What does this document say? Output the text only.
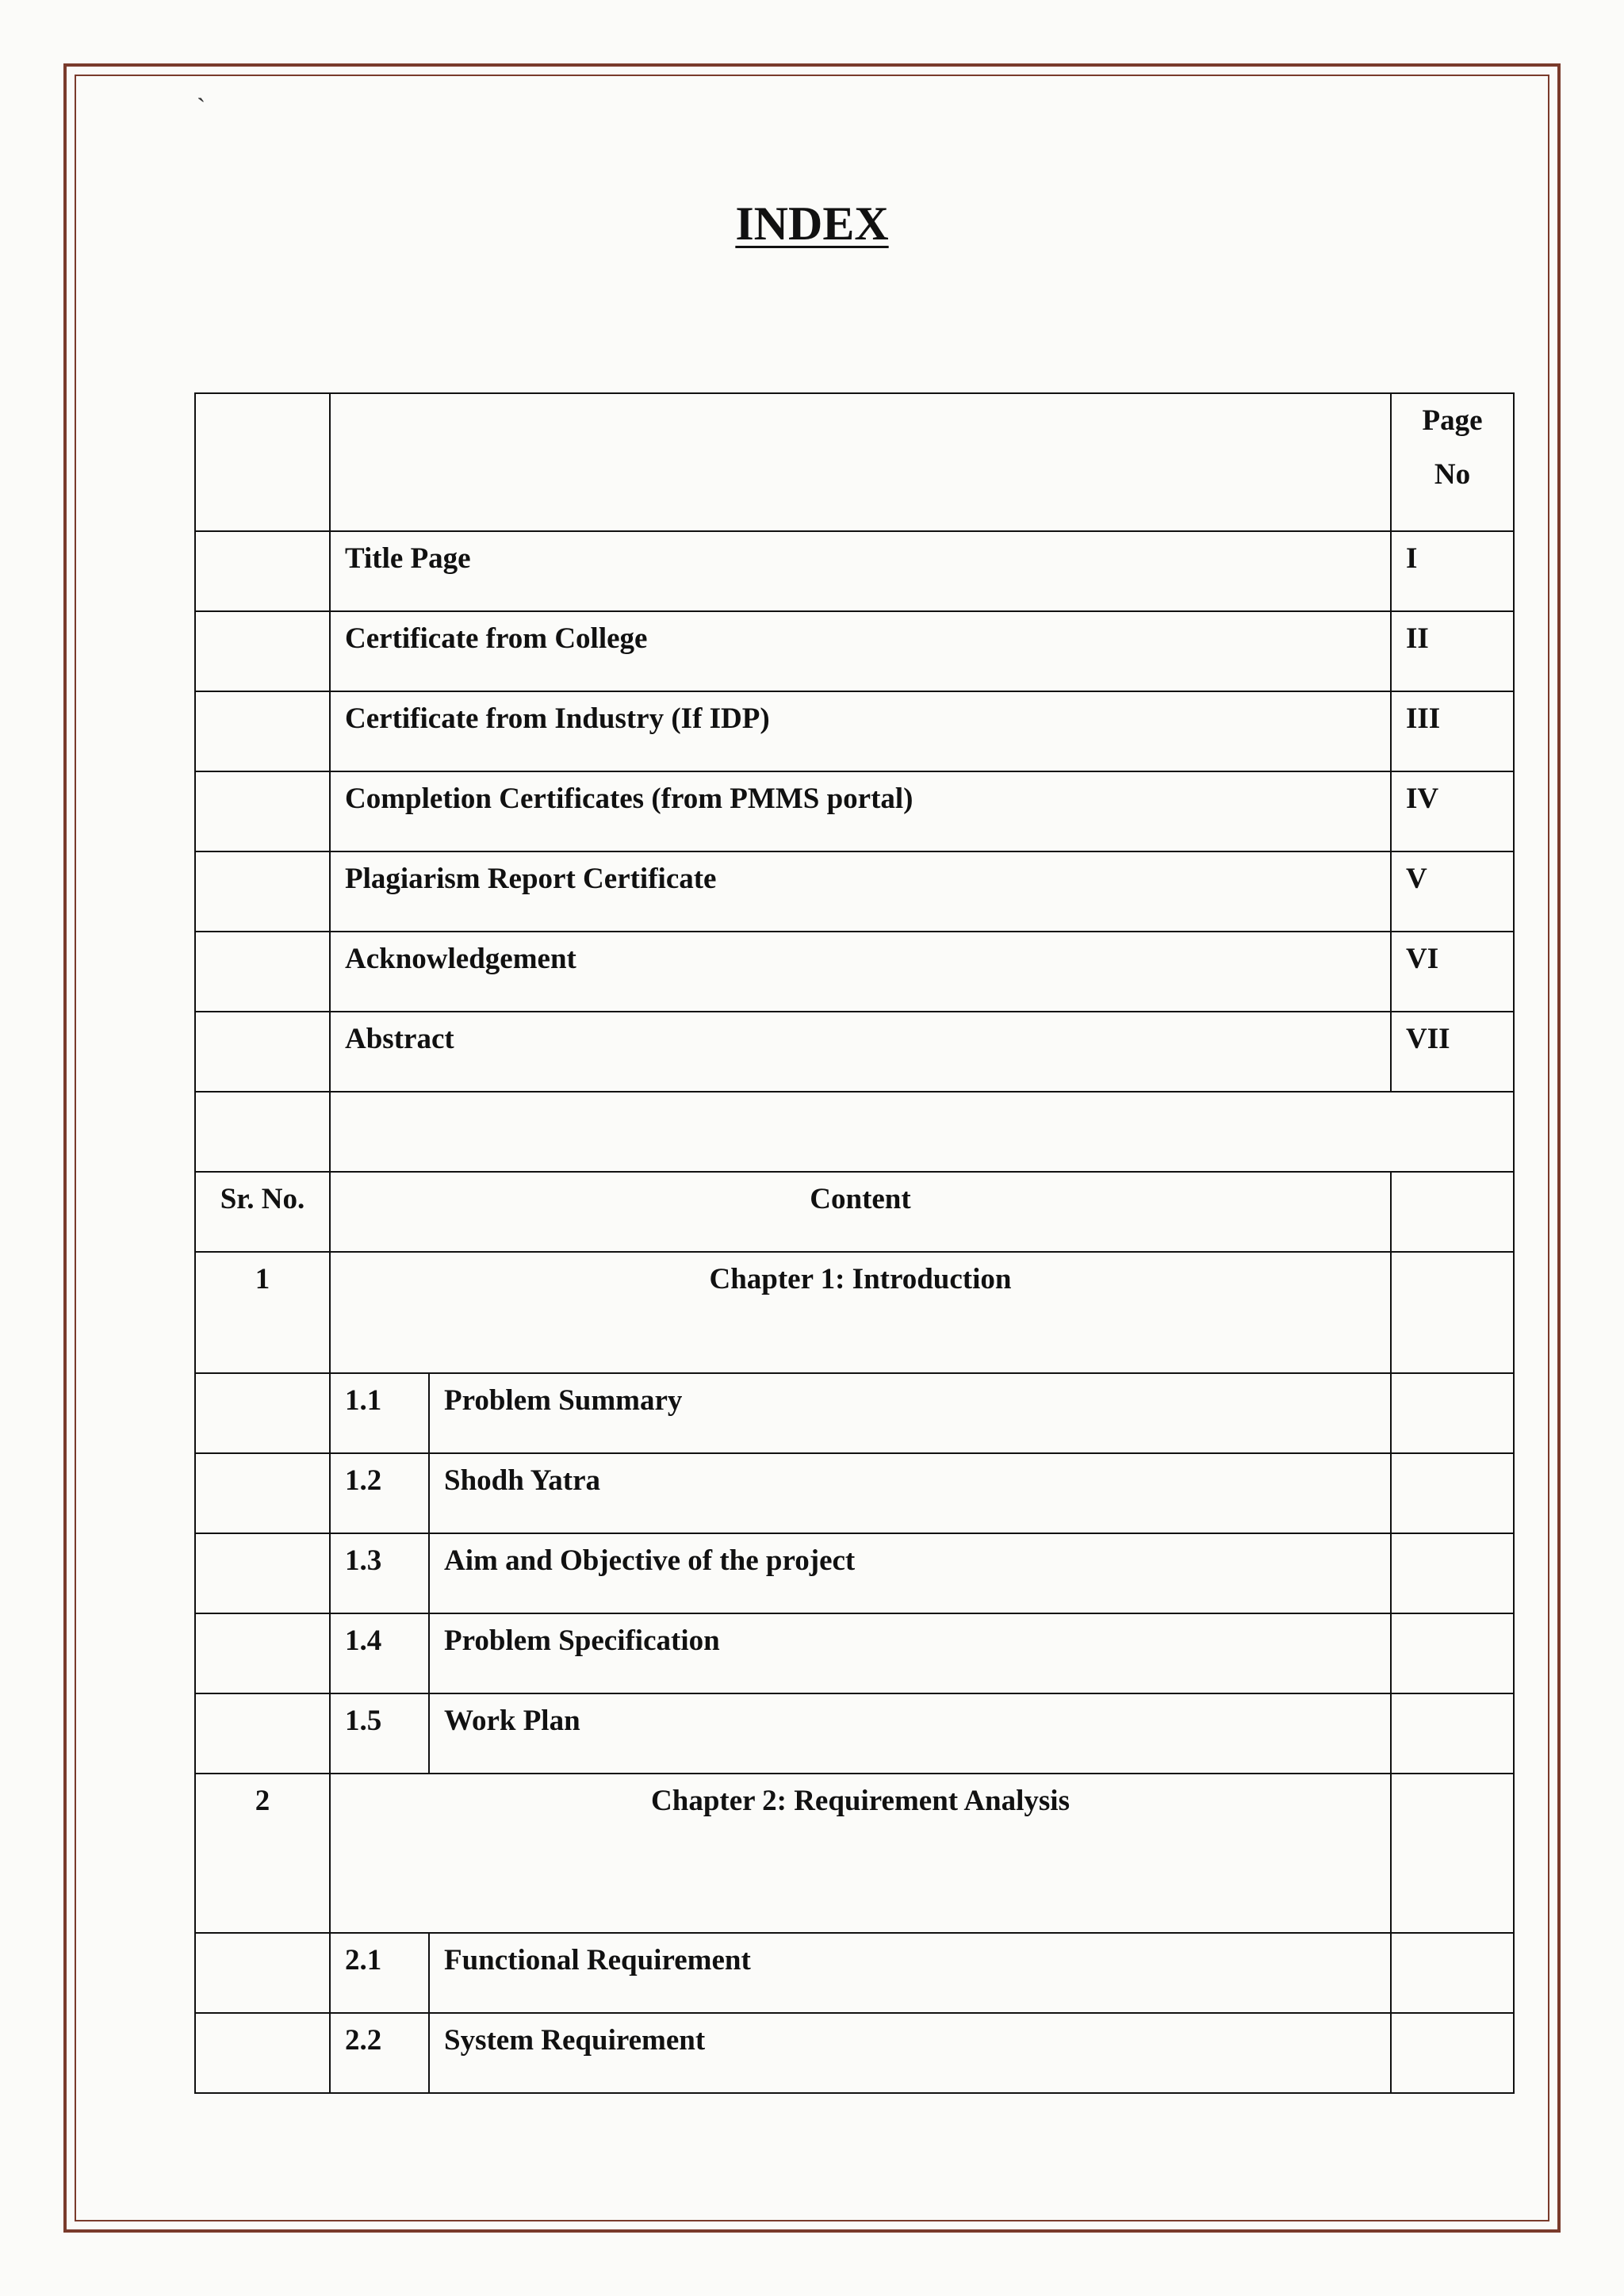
`
INDEX

			Page
No

	Title Page		I
	Certificate from College		II
	Certificate from Industry (If IDP)		III
	Completion Certificates (from PMMS portal)		IV
	Plagiarism Report Certificate		V
	Acknowledgement		VI
	Abstract		VII

Sr. No.	Content		
1	Chapter 1: Introduction		
	1.1	Problem Summary	
	1.2	Shodh Yatra	
	1.3	Aim and Objective of the project	
	1.4	Problem Specification	
	1.5	Work Plan	
2	Chapter 2: Requirement Analysis		
	2.1	Functional Requirement	
	2.2	System Requirement	
